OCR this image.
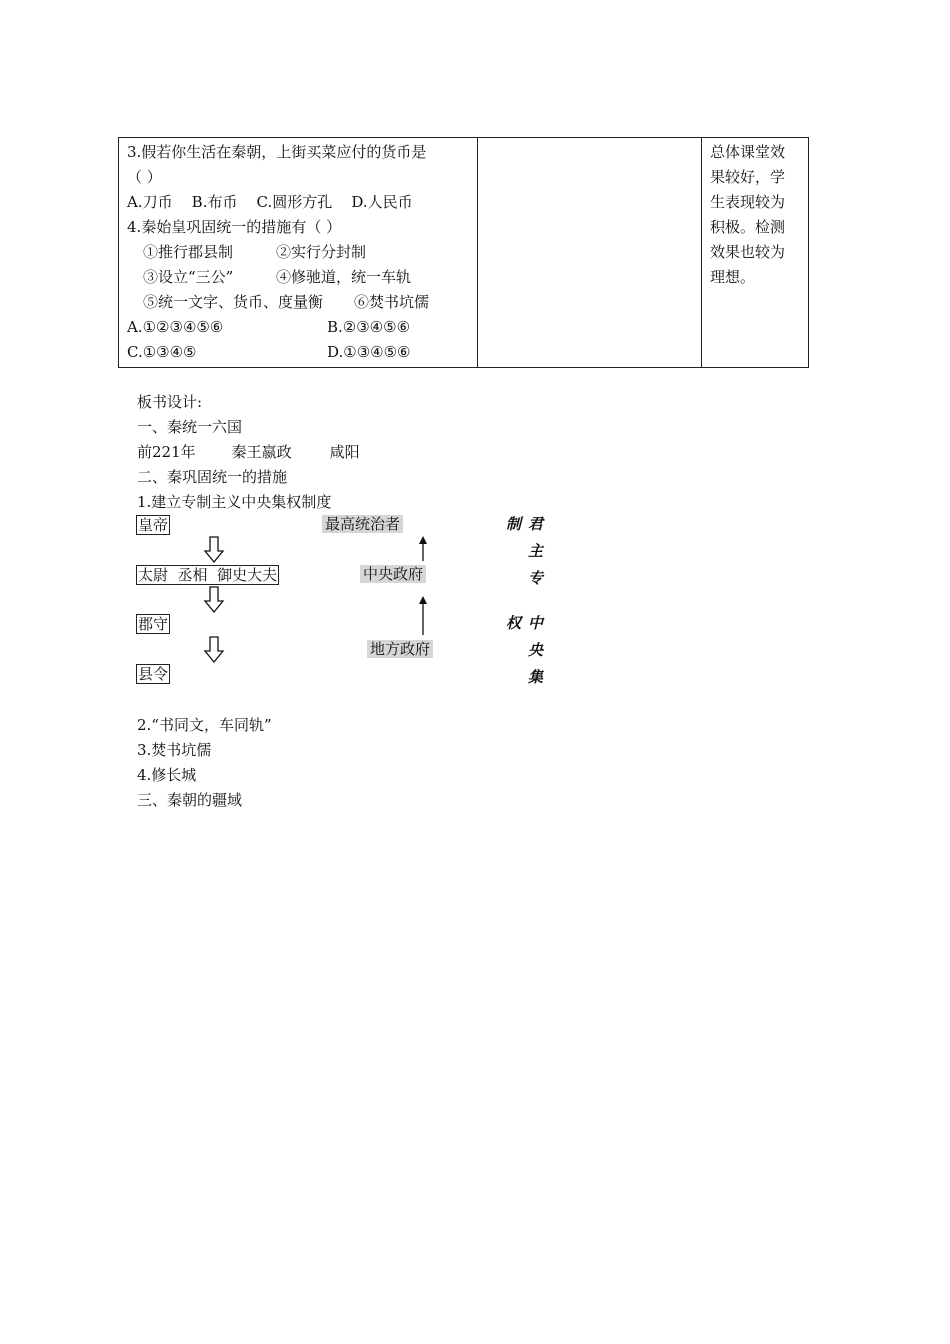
3.假若你生活在秦朝，上街买菜应付的货币是
（ ）
A.刀币    B.布币    C.圆形方孔    D.人民币
4.秦始皇巩固统一的措施有（ ）
①推行郡县制	②实行分封制
③设立“三公”	④修驰道，统一车轨
⑤统一文字、货币、度量衡 ⑥焚书坑儒
A.①②③④⑤⑥	B.②③④⑤⑥
C.①③④⑤	D.①③④⑤⑥

总体课堂效
果较好，学
生表现较为
积极。检测
效果也较为
理想。
板书设计:
一、秦统一六国
前221年 秦王嬴政	咸阳
二、秦巩固统一的措施
1.建立专制主义中央集权制度
皇帝
太尉  丞相  御史大夫
郡守
县令
最高统治者
中央政府
地方政府
制
权
君
主
专
中
央
集
2.“书同文，车同轨”
3.焚书坑儒
4.修长城
三、秦朝的疆域
